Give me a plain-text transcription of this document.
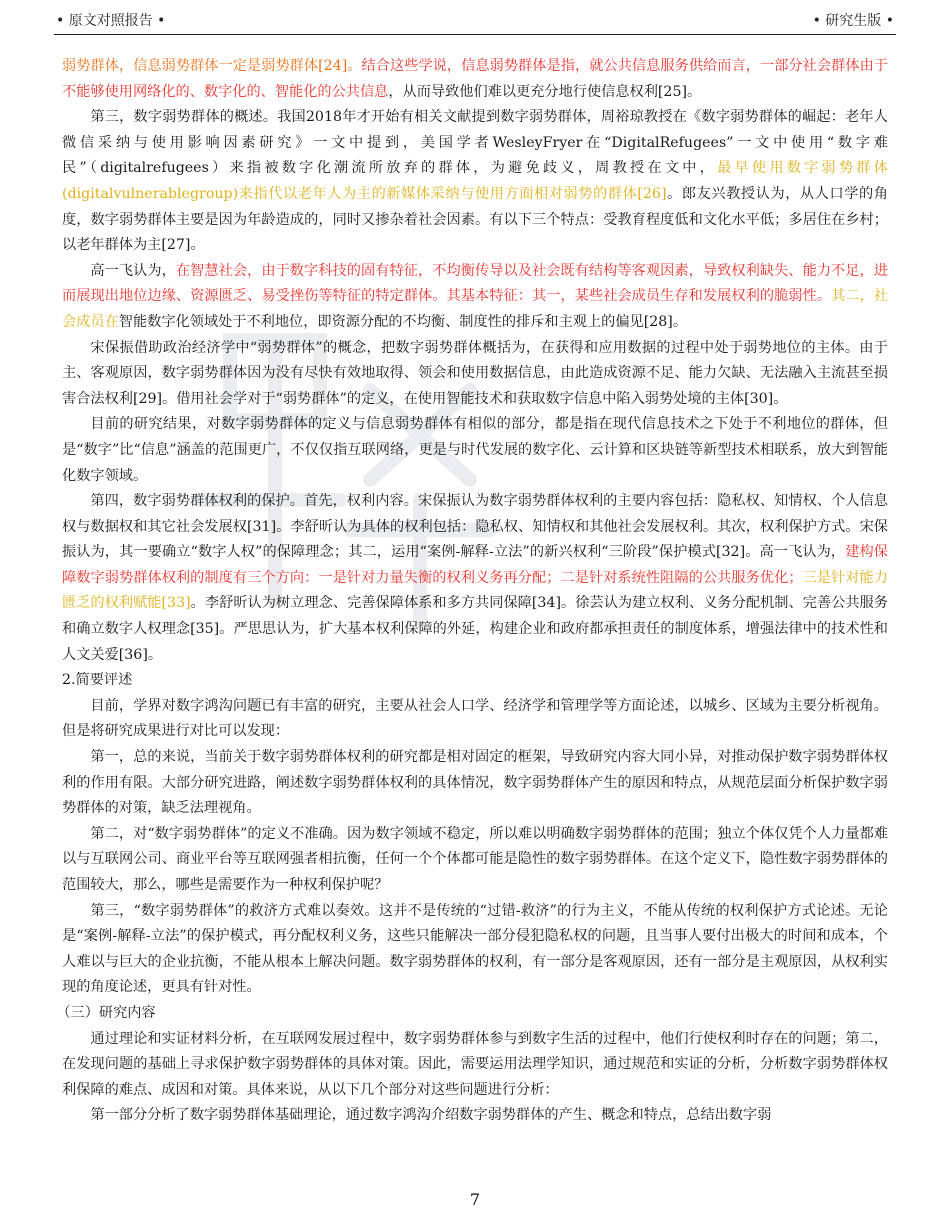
• 原文对照报告 •	• 研究生版 •

弱势群体，信息弱势群体一定是弱势群体[24]。结合这些学说，信息弱势群体是指，就公共信息服务供给而言，一部分社会群体由于不能够使用网络化的、数字化的、智能化的公共信息，从而导致他们难以更充分地行使信息权利[25]。

第三，数字弱势群体的概述。我国2018年才开始有相关文献提到数字弱势群体，周裕琼教授在《数字弱势群体的崛起：老年人微信采纳与使用影响因素研究》一文中提到，美国学者WesleyFryer在“DigitalRefugees”一文中使用“数字难民”（digitalrefugees）来指被数字化潮流所放弃的群体，为避免歧义，周教授在文中，最早使用数字弱势群体(digitalvulnerablegroup)来指代以老年人为主的新媒体采纳与使用方面相对弱势的群体[26]。郎友兴教授认为，从人口学的角度，数字弱势群体主要是因为年龄造成的，同时又掺杂着社会因素。有以下三个特点：受教育程度低和文化水平低；多居住在乡村；以老年群体为主[27]。

高一飞认为，在智慧社会，由于数字科技的固有特征，不均衡传导以及社会既有结构等客观因素，导致权利缺失、能力不足，进而展现出地位边缘、资源匮乏、易受挫伤等特征的特定群体。其基本特征：其一，某些社会成员生存和发展权利的脆弱性。其二，社会成员在智能数字化领域处于不利地位，即资源分配的不均衡、制度性的排斥和主观上的偏见[28]。

宋保振借助政治经济学中“弱势群体”的概念，把数字弱势群体概括为，在获得和应用数据的过程中处于弱势地位的主体。由于主、客观原因，数字弱势群体因为没有尽快有效地取得、领会和使用数据信息，由此造成资源不足、能力欠缺、无法融入主流甚至损害合法权利[29]。借用社会学对于“弱势群体”的定义，在使用智能技术和获取数字信息中陷入弱势处境的主体[30]。

目前的研究结果，对数字弱势群体的定义与信息弱势群体有相似的部分，都是指在现代信息技术之下处于不利地位的群体，但是“数字”比“信息”涵盖的范围更广，不仅仅指互联网络，更是与时代发展的数字化、云计算和区块链等新型技术相联系，放大到智能化数字领域。

第四，数字弱势群体权利的保护。首先，权利内容。宋保振认为数字弱势群体权利的主要内容包括：隐私权、知情权、个人信息权与数据权和其它社会发展权[31]。李舒昕认为具体的权利包括：隐私权、知情权和其他社会发展权利。其次，权利保护方式。宋保振认为，其一要确立“数字人权”的保障理念；其二，运用“案例-解释-立法”的新兴权利“三阶段”保护模式[32]。高一飞认为，建构保障数字弱势群体权利的制度有三个方向：一是针对力量失衡的权利义务再分配；二是针对系统性阻隔的公共服务优化；三是针对能力匮乏的权利赋能[33]。李舒昕认为树立理念、完善保障体系和多方共同保障[34]。徐芸认为建立权利、义务分配机制、完善公共服务和确立数字人权理念[35]。严思思认为，扩大基本权利保障的外延，构建企业和政府都承担责任的制度体系，增强法律中的技术性和人文关爱[36]。

2.简要评述

目前，学界对数字鸿沟问题已有丰富的研究，主要从社会人口学、经济学和管理学等方面论述，以城乡、区域为主要分析视角。但是将研究成果进行对比可以发现：

第一，总的来说，当前关于数字弱势群体权利的研究都是相对固定的框架，导致研究内容大同小异，对推动保护数字弱势群体权利的作用有限。大部分研究进路，阐述数字弱势群体权利的具体情况，数字弱势群体产生的原因和特点，从规范层面分析保护数字弱势群体的对策，缺乏法理视角。

第二，对“数字弱势群体”的定义不准确。因为数字领域不稳定，所以难以明确数字弱势群体的范围；独立个体仅凭个人力量都难以与互联网公司、商业平台等互联网强者相抗衡，任何一个个体都可能是隐性的数字弱势群体。在这个定义下，隐性数字弱势群体的范围较大，那么，哪些是需要作为一种权利保护呢？

第三，“数字弱势群体”的救济方式难以奏效。这并不是传统的“过错-救济”的行为主义，不能从传统的权利保护方式论述。无论是“案例-解释-立法”的保护模式，再分配权利义务，这些只能解决一部分侵犯隐私权的问题，且当事人要付出极大的时间和成本，个人难以与巨大的企业抗衡，不能从根本上解决问题。数字弱势群体的权利，有一部分是客观原因，还有一部分是主观原因，从权利实现的角度论述，更具有针对性。

（三）研究内容

通过理论和实证材料分析，在互联网发展过程中，数字弱势群体参与到数字生活的过程中，他们行使权利时存在的问题；第二，在发现问题的基础上寻求保护数字弱势群体的具体对策。因此，需要运用法理学知识，通过规范和实证的分析，分析数字弱势群体权利保障的难点、成因和对策。具体来说，从以下几个部分对这些问题进行分析：

第一部分分析了数字弱势群体基础理论，通过数字鸿沟介绍数字弱势群体的产生、概念和特点，总结出数字弱

7
